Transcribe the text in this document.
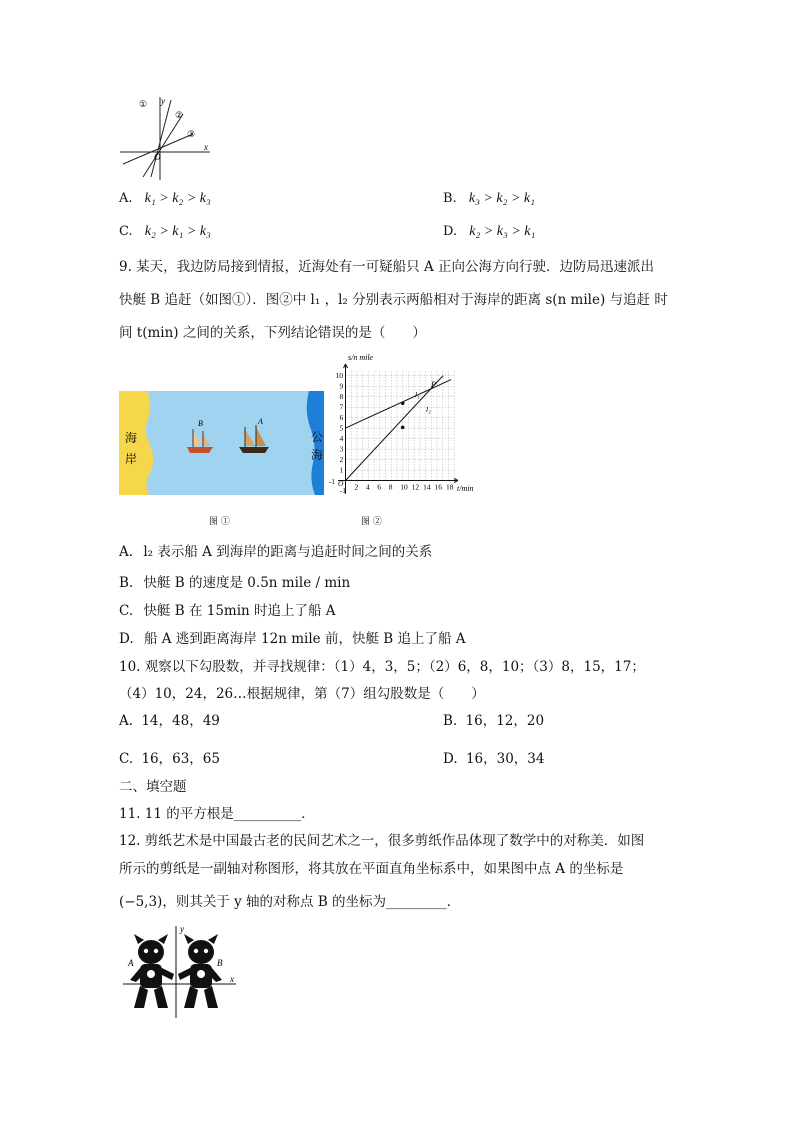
y
x
O
①
②
③
A. k₁ > k₂ > k₃	B. k₃ > k₂ > k₁
C. k₂ > k₁ > k₃	D. k₂ > k₃ > k₁
9. 某天，我边防局接到情报，近海处有一可疑船只 A 正向公海方向行驶．边防局迅速派出
快艇 B 追赶（如图①）．图②中 l₁ ，l₂ 分别表示两船相对于海岸的距离 s(n mile) 与追赶 时
间 t(min) 之间的关系，下列结论错误的是（　　）
海
岸
公
海
B	A
图 ①
2 4 6 8 10 12 14 16 18
1
2
3
4
5
6
7
8
9
10
s/n mile
t/min
O
-1
-1
P
l₁
l₂
图 ②
A. l₂ 表示船 A 到海岸的距离与追赶时间之间的关系
B. 快艇 B 的速度是 0.5n mile / min
C. 快艇 B 在 15min 时追上了船 A
D. 船 A 逃到距离海岸 12n mile 前，快艇 B 追上了船 A
10. 观察以下勾股数，并寻找规律：（1）4，3，5；（2）6，8，10；（3）8，15，17；
（4）10，24，26…根据规律，第（7）组勾股数是（　　）
A. 14，48，49	B. 16，12，20
C. 16，63，65	D. 16，30，34
二、填空题
11. 11 的平方根是__________．
12. 剪纸艺术是中国最古老的民间艺术之一，很多剪纸作品体现了数学中的对称美．如图
所示的剪纸是一副轴对称图形，将其放在平面直角坐标系中，如果图中点 A 的坐标是
(−5,3)，则其关于 y 轴的对称点 B 的坐标为_________．
y
x
A	B
